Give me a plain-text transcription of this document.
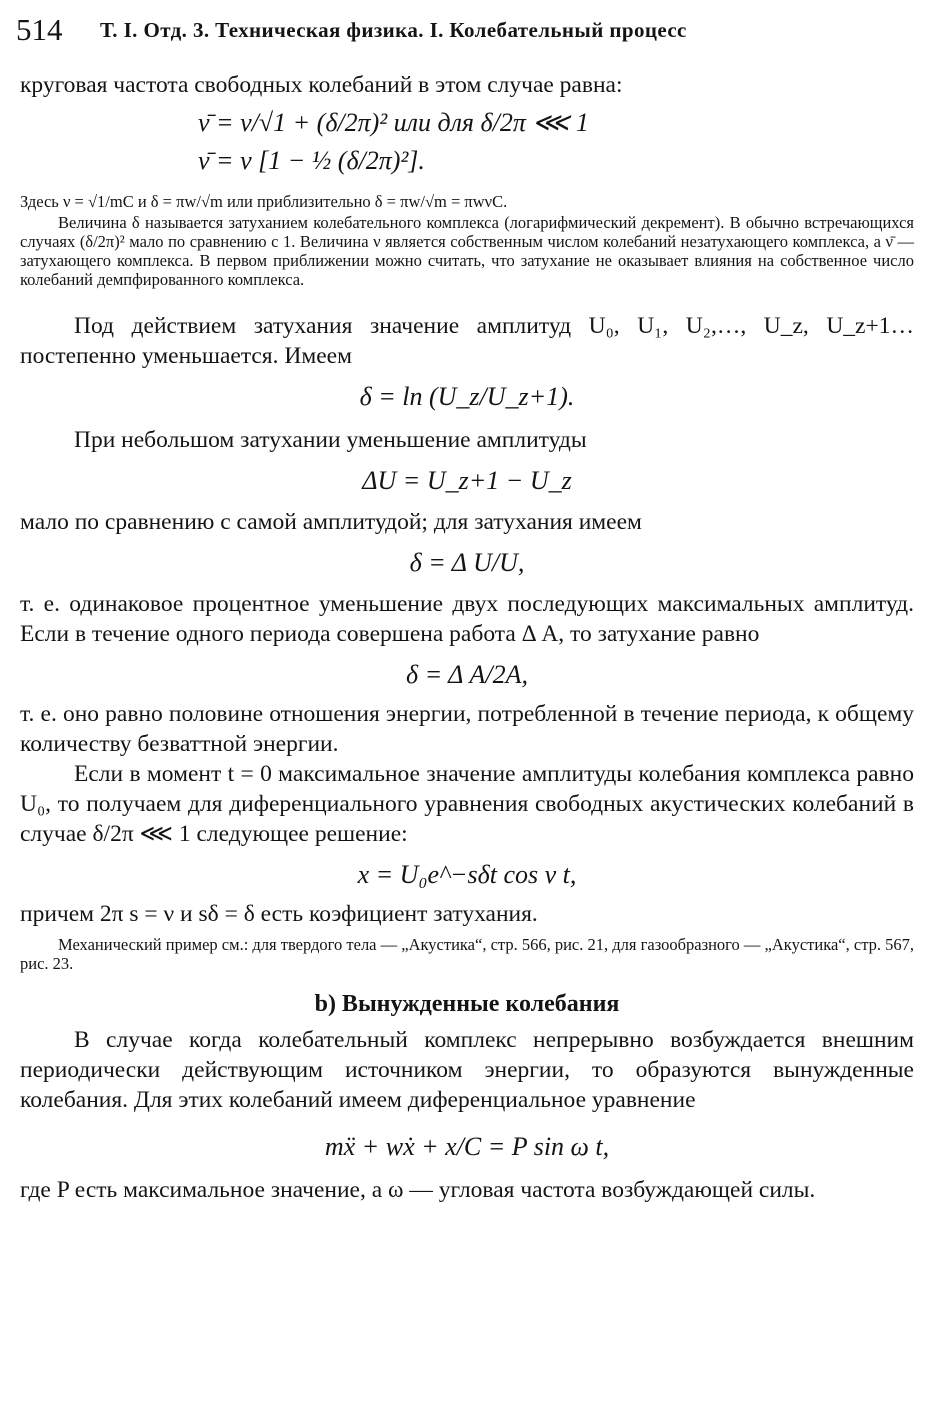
514 Т. I. Отд. 3. Техническая физика. I. Колебательный процесс

круговая частота свободных колебаний в этом случае равна:

ν̄ = ν/√1 + (δ/2π)² или для δ/2π ⋘ 1

ν̄ = ν [1 − ½ (δ/2π)²].

Здесь ν = √1/mC и δ = πw/√m или приблизительно δ = πw/√m = πwνC.

Величина δ называется затуханием колебательного комплекса (логарифмический декремент). В обычно встречающихся случаях (δ/2π)² мало по сравнению с 1. Величина ν является собственным числом колебаний незатухающего комплекса, а ν̄ — затухающего комплекса. В первом приближении можно считать, что затухание не оказывает влияния на собственное число колебаний демпфированного комплекса.

Под действием затухания значение амплитуд U₀, U₁, U₂,…, U_z, U_z+1… постепенно уменьшается. Имеем

δ = ln (U_z/U_z+1).

При небольшом затухании уменьшение амплитуды

ΔU = U_z+1 − U_z

мало по сравнению с самой амплитудой; для затухания имеем

δ = Δ U/U,

т. е. одинаковое процентное уменьшение двух последующих максимальных амплитуд. Если в течение одного периода совершена работа Δ A, то затухание равно

δ = Δ A/2A,

т. е. оно равно половине отношения энергии, потребленной в течение периода, к общему количеству безваттной энергии.

Если в момент t = 0 максимальное значение амплитуды колебания комплекса равно U₀, то получаем для диференциального уравнения свободных акустических колебаний в случае δ/2π ⋘ 1 следующее решение:

x = U₀e^−sδt cos ν t,

причем 2π s = ν и sδ = δ есть коэфициент затухания.

Механический пример см.: для твердого тела — „Акустика“, стр. 566, рис. 21, для газообразного — „Акустика“, стр. 567, рис. 23.

b) Вынужденные колебания

В случае когда колебательный комплекс непрерывно возбуждается внешним периодически действующим источником энергии, то образуются вынужденные колебания. Для этих колебаний имеем диференциальное уравнение

mẍ + wẋ + x/C = P sin ω t,

где P есть максимальное значение, а ω — угловая частота возбуждающей силы.
